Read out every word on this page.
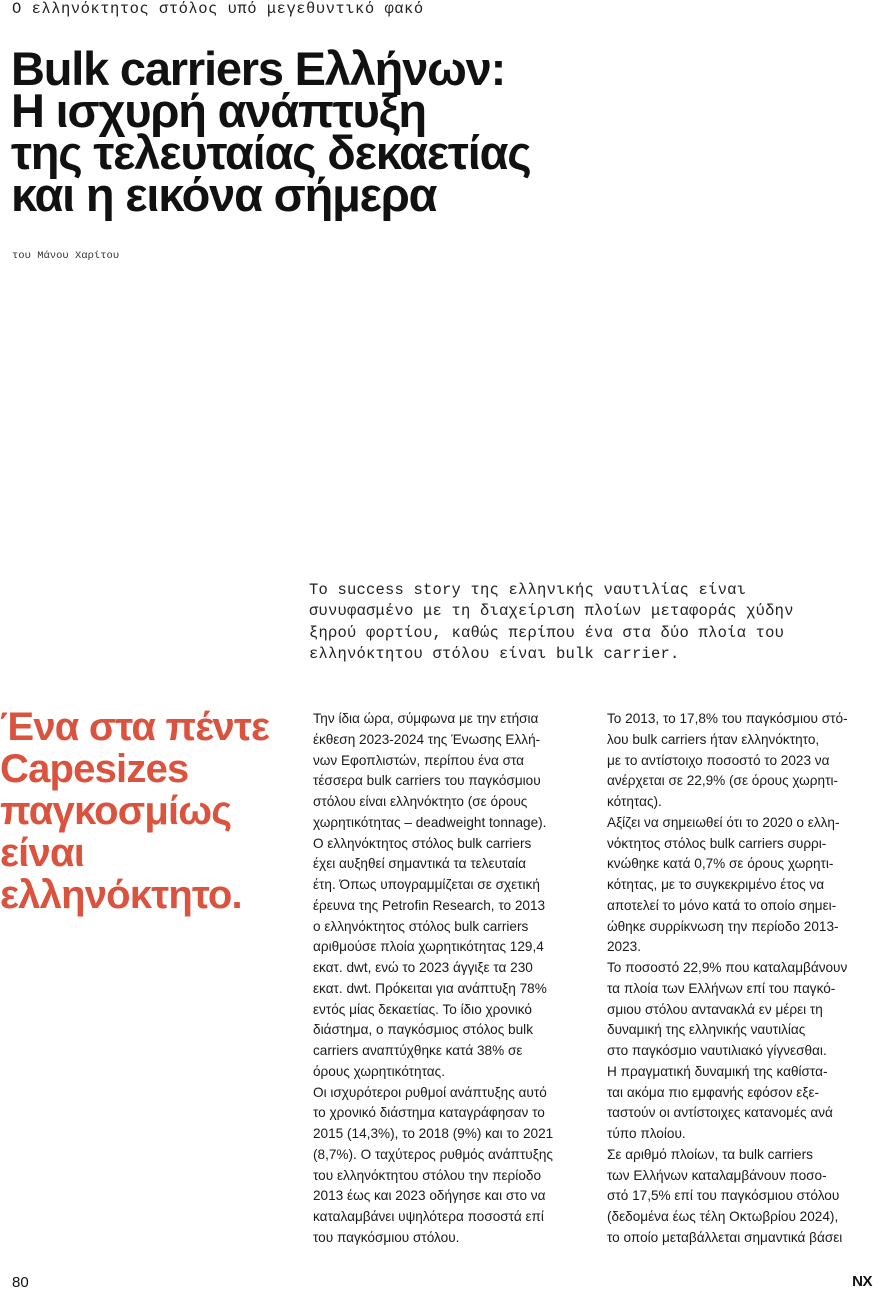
Ο ελληνόκτητος στόλος υπό μεγεθυντικό φακό
Bulk carriers Ελλήνων:
Η ισχυρή ανάπτυξη
της τελευταίας δεκαετίας
και η εικόνα σήμερα
του Μάνου Χαρίτου
Το success story της ελληνικής ναυτιλίας είναι
συνυφασμένο με τη διαχείριση πλοίων μεταφοράς χύδην
ξηρού φορτίου, καθώς περίπου ένα στα δύο πλοία του
ελληνόκτητου στόλου είναι bulk carrier.
Ένα στα πέντε
Capesizes
παγκοσμίως
είναι
ελληνόκτητο.
Την ίδια ώρα, σύμφωνα με την ετήσια
έκθεση 2023-2024 της Ένωσης Ελλή-
νων Εφοπλιστών, περίπου ένα στα
τέσσερα bulk carriers του παγκόσμιου
στόλου είναι ελληνόκτητο (σε όρους
χωρητικότητας – deadweight tonnage).
Ο ελληνόκτητος στόλος bulk carriers
έχει αυξηθεί σημαντικά τα τελευταία
έτη. Όπως υπογραμμίζεται σε σχετική
έρευνα της Petrofin Research, το 2013
ο ελληνόκτητος στόλος bulk carriers
αριθμούσε πλοία χωρητικότητας 129,4
εκατ. dwt, ενώ το 2023 άγγιξε τα 230
εκατ. dwt. Πρόκειται για ανάπτυξη 78%
εντός μίας δεκαετίας. Το ίδιο χρονικό
διάστημα, ο παγκόσμιος στόλος bulk
carriers αναπτύχθηκε κατά 38% σε
όρους χωρητικότητας.
Οι ισχυρότεροι ρυθμοί ανάπτυξης αυτό
το χρονικό διάστημα καταγράφησαν το
2015 (14,3%), το 2018 (9%) και το 2021
(8,7%). Ο ταχύτερος ρυθμός ανάπτυξης
του ελληνόκτητου στόλου την περίοδο
2013 έως και 2023 οδήγησε και στο να
καταλαμβάνει υψηλότερα ποσοστά επί
του παγκόσμιου στόλου.
Το 2013, το 17,8% του παγκόσμιου στό-
λου bulk carriers ήταν ελληνόκτητο,
με το αντίστοιχο ποσοστό το 2023 να
ανέρχεται σε 22,9% (σε όρους χωρητι-
κότητας).
Αξίζει να σημειωθεί ότι το 2020 ο ελλη-
νόκτητος στόλος bulk carriers συρρι-
κνώθηκε κατά 0,7% σε όρους χωρητι-
κότητας, με το συγκεκριμένο έτος να
αποτελεί το μόνο κατά το οποίο σημει-
ώθηκε συρρίκνωση την περίοδο 2013-
2023.
Το ποσοστό 22,9% που καταλαμβάνουν
τα πλοία των Ελλήνων επί του παγκό-
σμιου στόλου αντανακλά εν μέρει τη
δυναμική της ελληνικής ναυτιλίας
στο παγκόσμιο ναυτιλιακό γίγνεσθαι.
Η πραγματική δυναμική της καθίστα-
ται ακόμα πιο εμφανής εφόσον εξε-
ταστούν οι αντίστοιχες κατανομές ανά
τύπο πλοίου.
Σε αριθμό πλοίων, τα bulk carriers
των Ελλήνων καταλαμβάνουν ποσο-
στό 17,5% επί του παγκόσμιου στόλου
(δεδομένα έως τέλη Οκτωβρίου 2024),
το οποίο μεταβάλλεται σημαντικά βάσει
80	NX
